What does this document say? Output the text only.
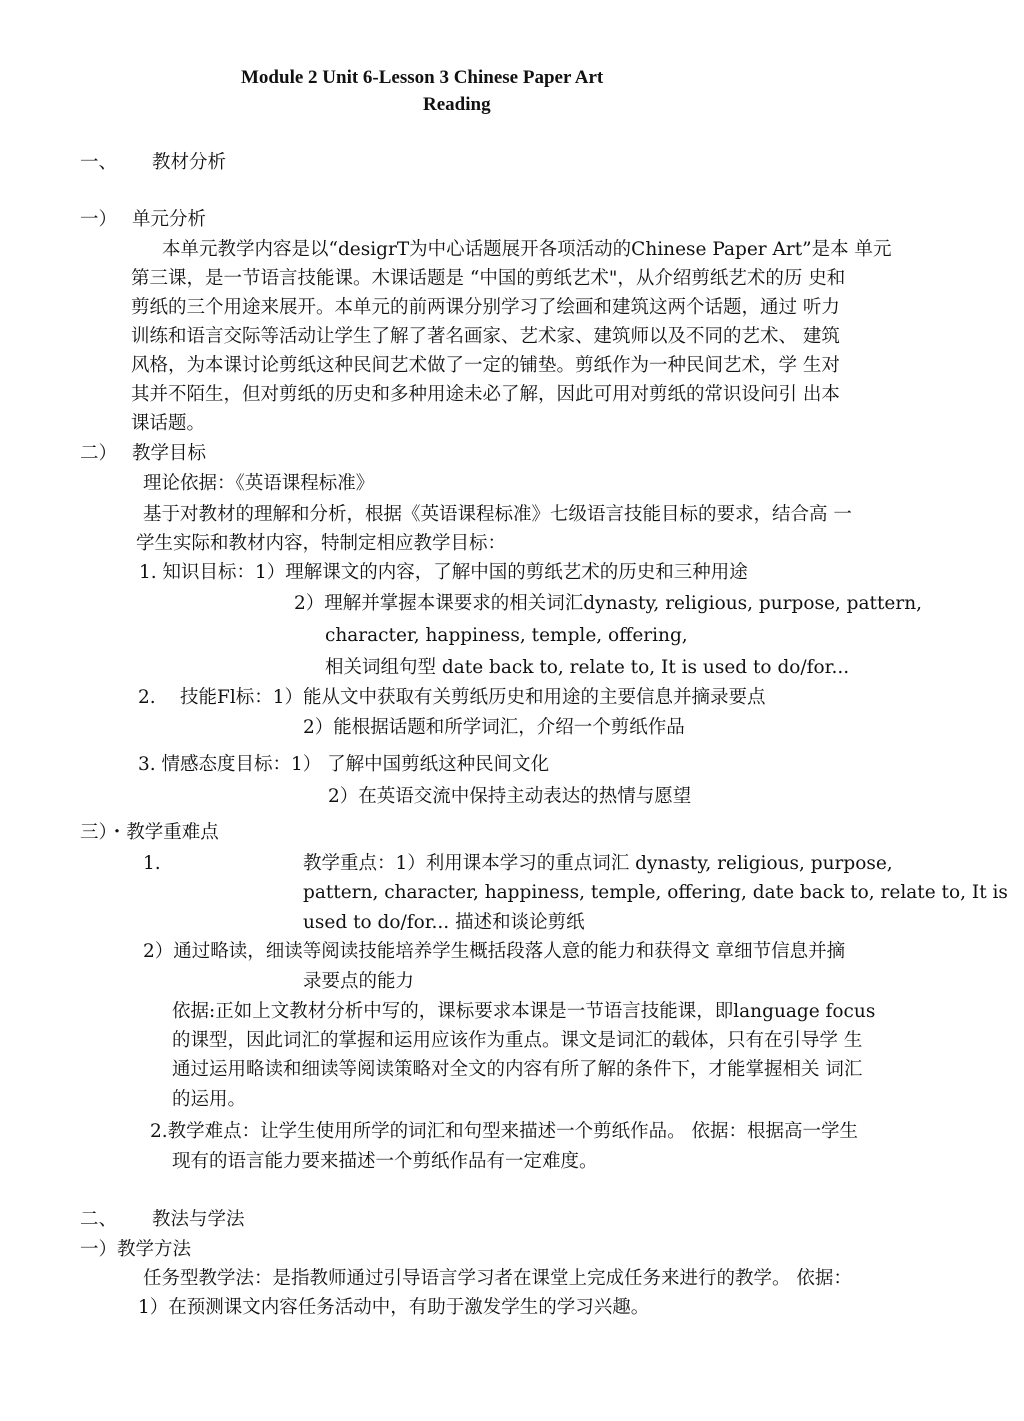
Module 2 Unit 6-Lesson 3 Chinese Paper Art
Reading
一、 教材分析
一） 单元分析
本单元教学内容是以“desigrT为中心话题展开各项活动的Chinese Paper Art”是本 单元
第三课，是一节语言技能课。木课话题是 “中国的剪纸艺术"，从介绍剪纸艺术的历 史和
剪纸的三个用途来展开。本单元的前两课分别学习了绘画和建筑这两个话题，通过 听力
训练和语言交际等活动让学生了解了著名画家、艺术家、建筑师以及不同的艺术、 建筑
风格，为本课讨论剪纸这种民间艺术做了一定的铺垫。剪纸作为一种民间艺术，学 生对
其并不陌生，但对剪纸的历史和多种用途未必了解，因此可用对剪纸的常识设问引 出本
课话题。
二） 教学目标
理论依据：《英语课程标准》
基于对教材的理解和分析，根据《英语课程标准》七级语言技能目标的要求，结合高 一
学生实际和教材内容，特制定相应教学目标：
1. 知识目标：1）理解课文的内容，了解中国的剪纸艺术的历史和三种用途
2）理解并掌握本课要求的相关词汇dynasty, religious, purpose, pattern,
character, happiness, temple, offering,
相关词组句型 date back to, relate to, It is used to do/for...
2. 技能Fl标：1）能从文中获取有关剪纸历史和用途的主要信息并摘录要点
2）能根据话题和所学词汇，介绍一个剪纸作品
3. 情感态度目标：1） 了解中国剪纸这种民间文化
2）在英语交流中保持主动表达的热情与愿望
三）・教学重难点
1.	教学重点：1）利用课本学习的重点词汇 dynasty, religious, purpose,
pattern, character, happiness, temple, offering, date back to, relate to, It is
used to do/for... 描述和谈论剪纸
2）通过略读，细读等阅读技能培养学生概括段落人意的能力和获得文 章细节信息并摘
录要点的能力
依据:正如上文教材分析中写的，课标要求本课是一节语言技能课，即language focus
的课型，因此词汇的掌握和运用应该作为重点。课文是词汇的载体，只有在引导学 生
通过运用略读和细读等阅读策略对全文的内容有所了解的条件下，才能掌握相关 词汇
的运用。
2.教学难点：让学生使用所学的词汇和句型来描述一个剪纸作品。 依据：根据高一学生
现有的语言能力要来描述一个剪纸作品有一定难度。
二、 教法与学法
一）教学方法
任务型教学法：是指教师通过引导语言学习者在课堂上完成任务来进行的教学。 依据：
1）在预测课文内容任务活动中，有助于激发学生的学习兴趣。
